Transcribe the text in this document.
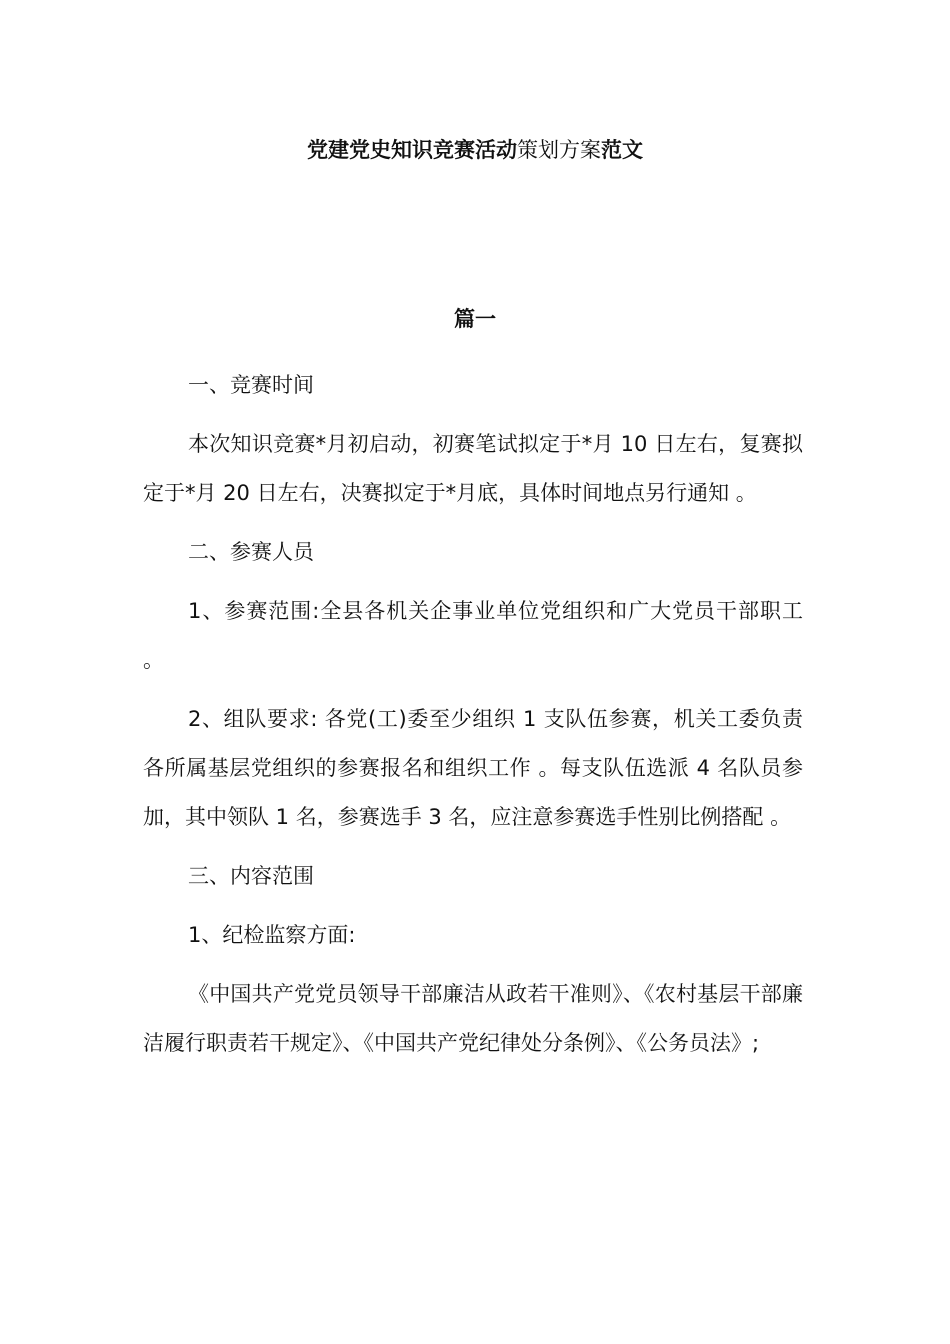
党建党史知识竞赛活动策划方案范文
篇一

一、竞赛时间

本次知识竞赛*月初启动，初赛笔试拟定于*月 10 日左右，复赛拟定于*月 20 日左右，决赛拟定于*月底，具体时间地点另行通知 。

二、参赛人员

1、参赛范围:全县各机关企事业单位党组织和广大党员干部职工 。

2、组队要求: 各党(工)委至少组织 1 支队伍参赛，机关工委负责各所属基层党组织的参赛报名和组织工作 。每支队伍选派 4 名队员参加，其中领队 1 名，参赛选手 3 名，应注意参赛选手性别比例搭配 。

三、内容范围

1、纪检监察方面:

《中国共产党党员领导干部廉洁从政若干准则》、《农村基层干部廉洁履行职责若干规定》、《中国共产党纪律处分条例》、《公务员法》;
